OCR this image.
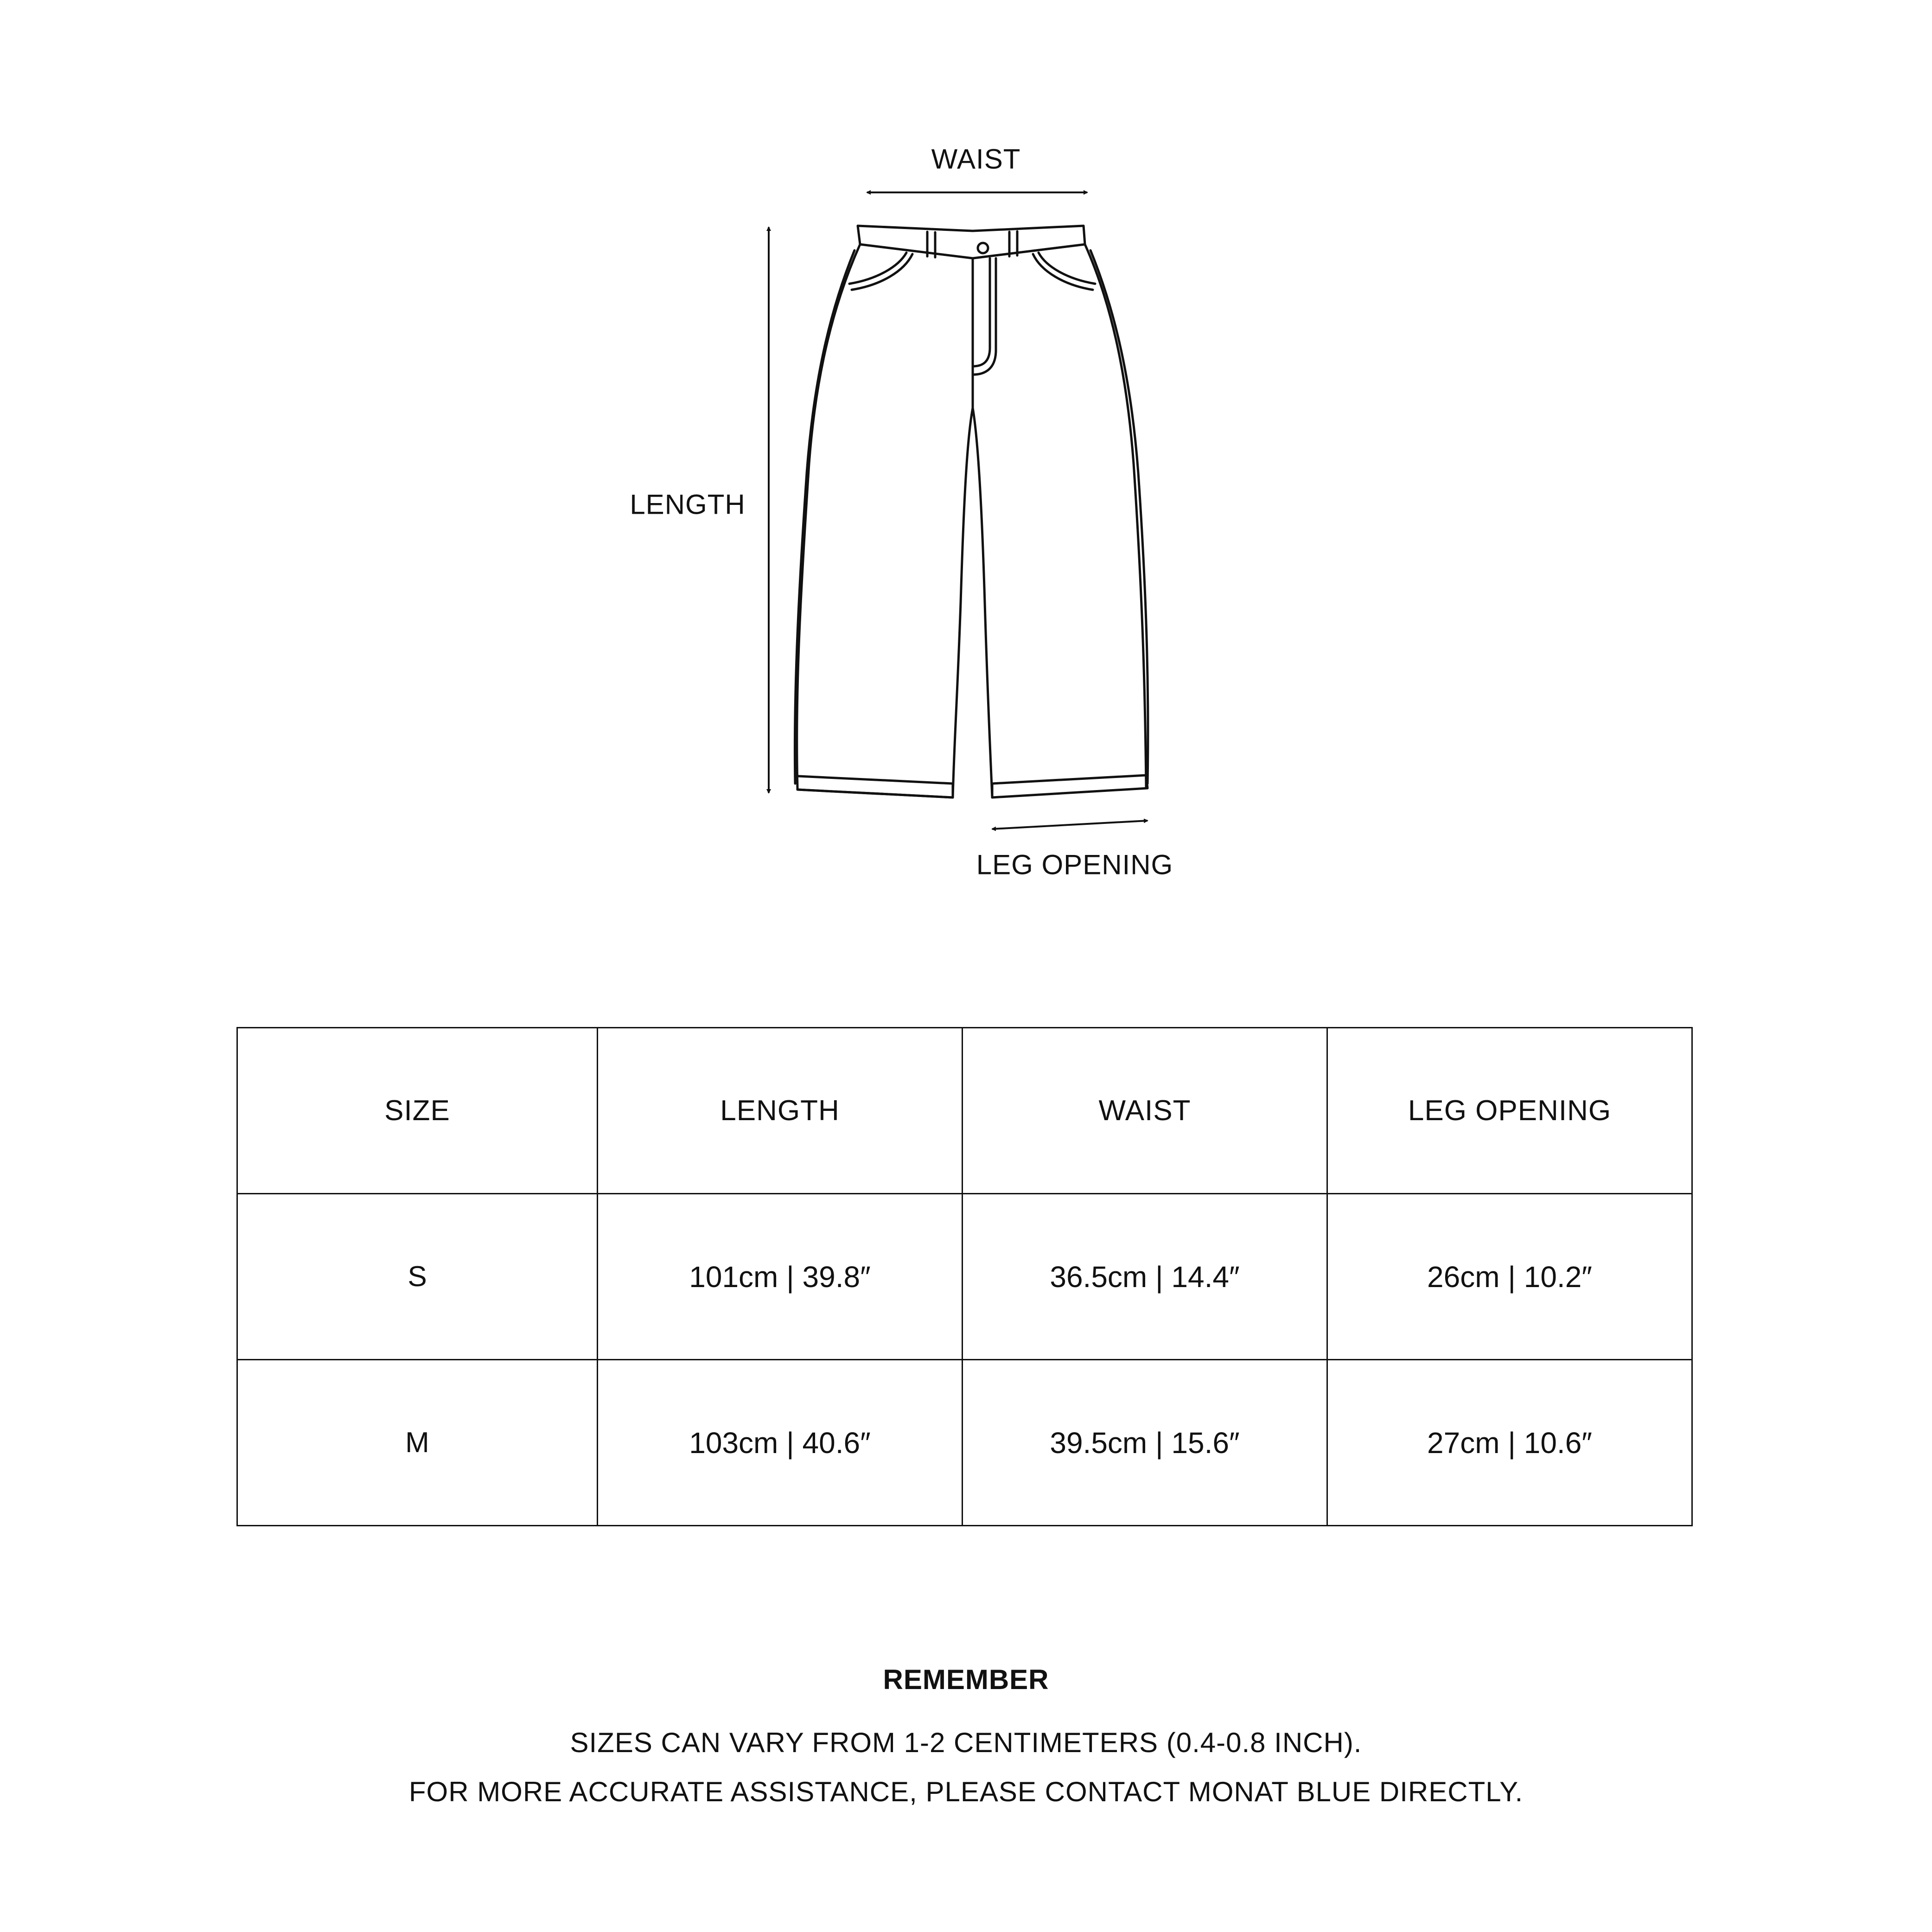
WAIST
LENGTH
LEG OPENING
SIZE	LENGTH	WAIST	LEG OPENING
S	101cm | 39.8″	36.5cm | 14.4″	26cm | 10.2″
M	103cm | 40.6″	39.5cm | 15.6″	27cm | 10.6″
REMEMBER
SIZES CAN VARY FROM 1-2 CENTIMETERS (0.4-0.8 INCH).
FOR MORE ACCURATE ASSISTANCE, PLEASE CONTACT MONAT BLUE DIRECTLY.
